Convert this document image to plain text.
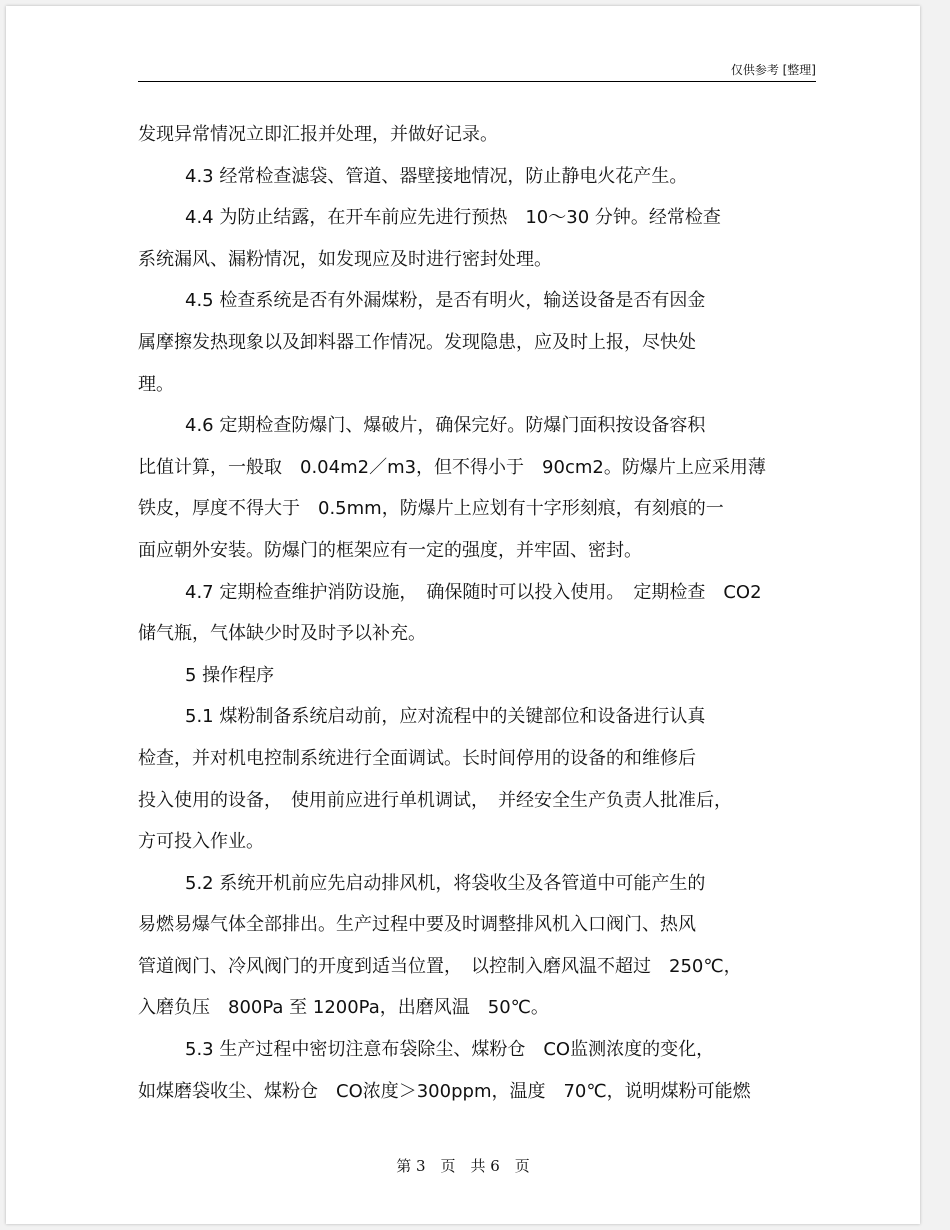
仅供参考 [整理]
发现异常情况立即汇报并处理，并做好记录。
4.3 经常检查滤袋、管道、器壁接地情况，防止静电火花产生。
4.4 为防止结露，在开车前应先进行预热　10～30 分钟。经常检查
系统漏风、漏粉情况，如发现应及时进行密封处理。
4.5 检查系统是否有外漏煤粉，是否有明火，输送设备是否有因金
属摩擦发热现象以及卸料器工作情况。发现隐患，应及时上报，尽快处
理。
4.6 定期检查防爆门、爆破片，确保完好。防爆门面积按设备容积
比值计算，一般取　0.04m2／m3，但不得小于　90cm2。防爆片上应采用薄
铁皮，厚度不得大于　0.5mm，防爆片上应划有十字形刻痕，有刻痕的一
面应朝外安装。防爆门的框架应有一定的强度，并牢固、密封。
4.7 定期检查维护消防设施，　确保随时可以投入使用。　定期检查　CO2
储气瓶，气体缺少时及时予以补充。
5 操作程序
5.1 煤粉制备系统启动前，应对流程中的关键部位和设备进行认真
检查，并对机电控制系统进行全面调试。长时间停用的设备的和维修后
投入使用的设备，　使用前应进行单机调试，　并经安全生产负责人批准后，
方可投入作业。
5.2 系统开机前应先启动排风机，将袋收尘及各管道中可能产生的
易燃易爆气体全部排出。生产过程中要及时调整排风机入口阀门、热风
管道阀门、冷风阀门的开度到适当位置，　以控制入磨风温不超过　250℃，
入磨负压　800Pa 至 1200Pa，出磨风温　50℃。
5.3 生产过程中密切注意布袋除尘、煤粉仓　CO监测浓度的变化，
如煤磨袋收尘、煤粉仓　CO浓度＞300ppm，温度　70℃，说明煤粉可能燃
第 3　页　共 6　页
